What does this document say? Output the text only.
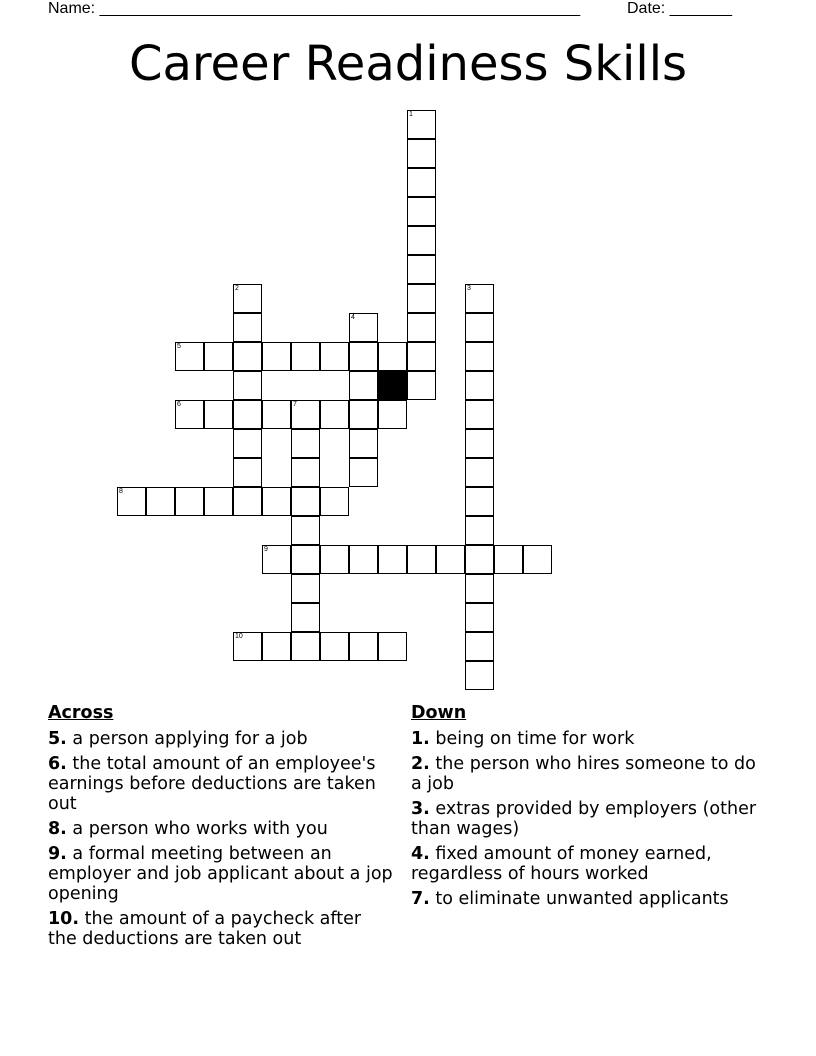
Name: ______________________________________________________	Date: _______
Career Readiness Skills
1
2	3
4
5
6	7
8
9
10
Across
5. a person applying for a job
6. the total amount of an employee's earnings before deductions are taken out
8. a person who works with you
9. a formal meeting between an employer and job applicant about a jop opening
10. the amount of a paycheck after the deductions are taken out
Down
1. being on time for work
2. the person who hires someone to do a job
3. extras provided by employers (other than wages)
4. fixed amount of money earned, regardless of hours worked
7. to eliminate unwanted applicants
